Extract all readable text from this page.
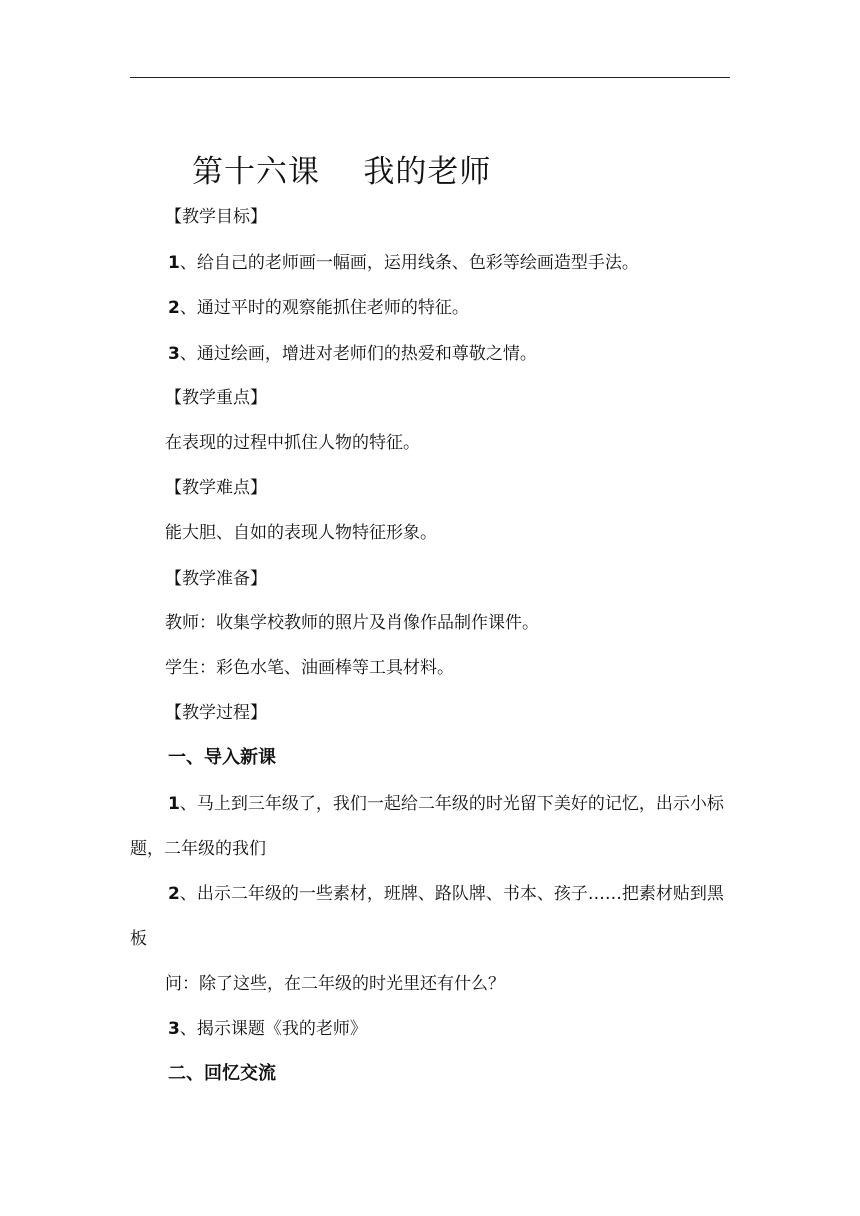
第十六课    我的老师
【教学目标】
1、给自己的老师画一幅画，运用线条、色彩等绘画造型手法。
2、通过平时的观察能抓住老师的特征。
3、通过绘画，增进对老师们的热爱和尊敬之情。
【教学重点】
在表现的过程中抓住人物的特征。
【教学难点】
能大胆、自如的表现人物特征形象。
【教学准备】
教师：收集学校教师的照片及肖像作品制作课件。
学生：彩色水笔、油画棒等工具材料。
【教学过程】
一、导入新课
1、马上到三年级了，我们一起给二年级的时光留下美好的记忆，出示小标
题，二年级的我们
2、出示二年级的一些素材，班牌、路队牌、书本、孩子……把素材贴到黑
板
问：除了这些，在二年级的时光里还有什么？
3、揭示课题《我的老师》
二、回忆交流
